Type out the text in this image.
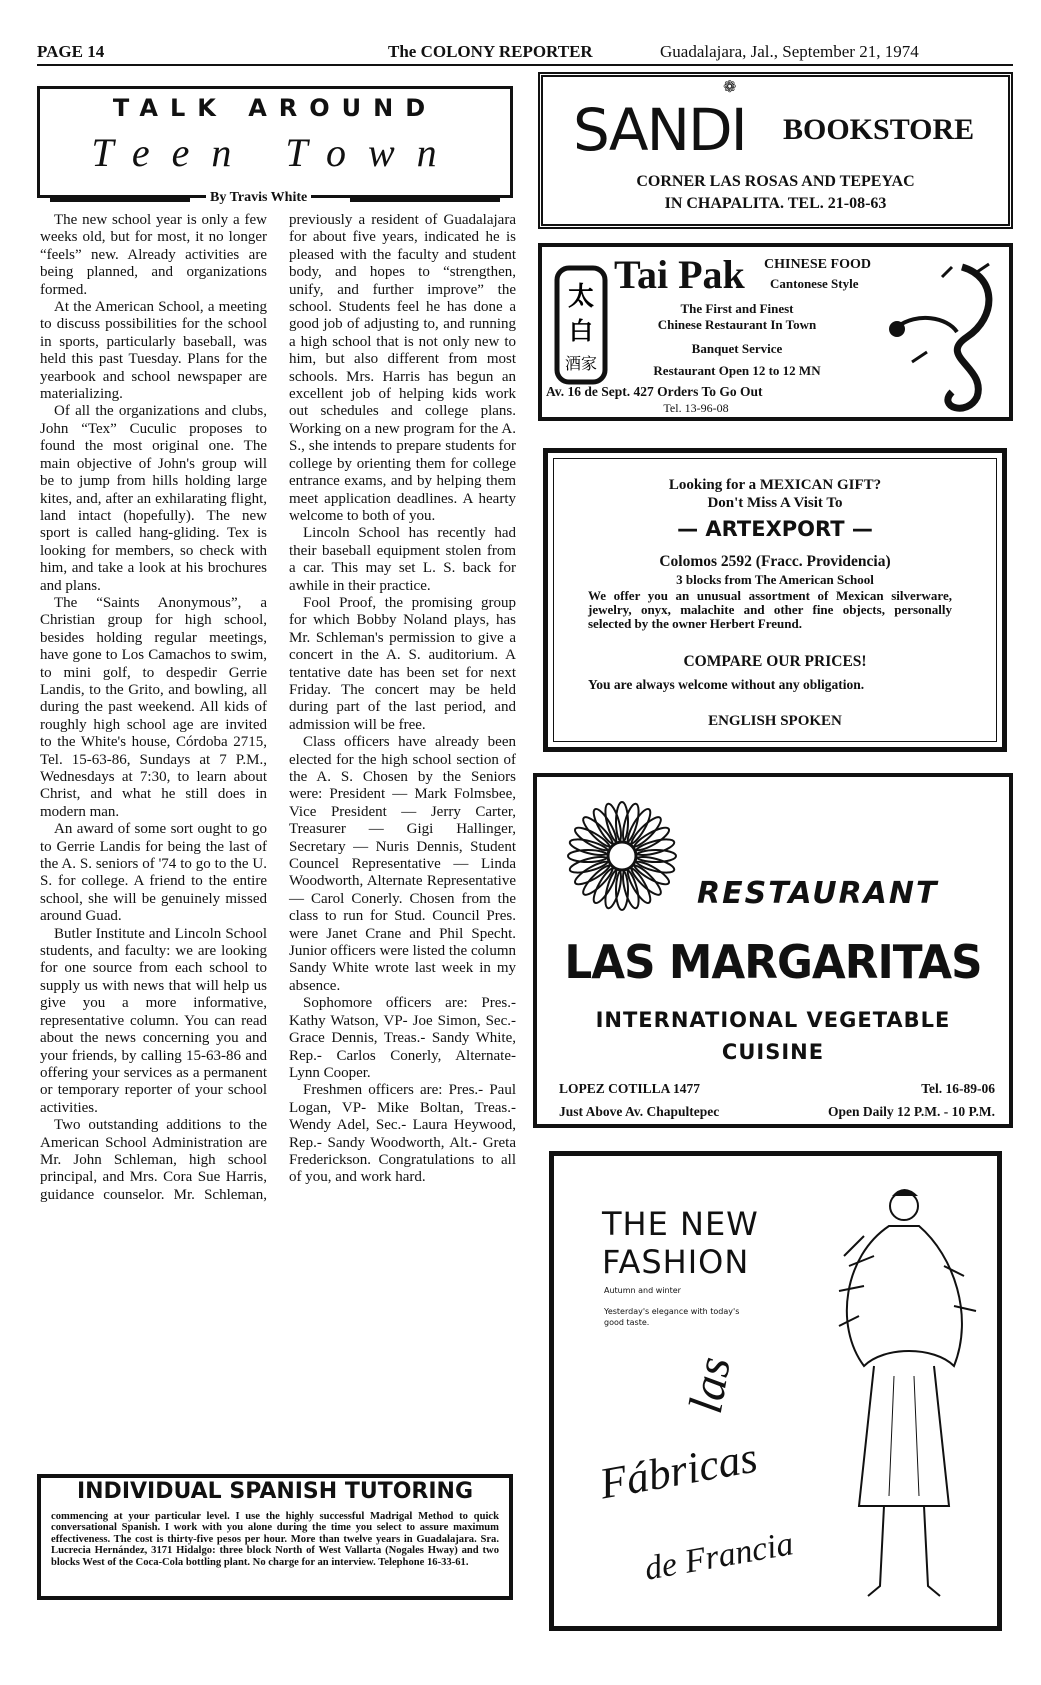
PAGE 14	The COLONY REPORTER	Guadalajara, Jal., September 21, 1974
TALK AROUND
Teen Town
By Travis White

The new school year is only a few weeks old, but for most, it no longer “feels” new. Already activities are being planned, and organizations formed.

At the American School, a meeting to discuss possibilities for the school in sports, particularly baseball, was held this past Tuesday. Plans for the yearbook and school newspaper are materializing.

Of all the organizations and clubs, John “Tex” Cuculic proposes to found the most original one. The main objective of John's group will be to jump from hills holding large kites, and, after an exhilarating flight, land intact (hopefully). The new sport is called hang-gliding. Tex is looking for members, so check with him, and take a look at his brochures and plans.

The “Saints Anonymous”, a Christian group for high school, besides holding regular meetings, have gone to Los Camachos to swim, to mini golf, to despedir Gerrie Landis, to the Grito, and bowling, all during the past weekend. All kids of roughly high school age are invited to the White's house, Córdoba 2715, Tel. 15-63-86, Sundays at 7 P.M., Wednesdays at 7:30, to learn about Christ, and what he still does in modern man.

An award of some sort ought to go to Gerrie Landis for being the last of the A. S. seniors of '74 to go to the U. S. for college. A friend to the entire school, she will be genuinely missed around Guad.

Butler Institute and Lincoln School students, and faculty: we are looking for one source from each school to supply us with news that will help us give you a more informative, representative column. You can read about the news concerning you and your friends, by calling 15-63-86 and offering your services as a permanent or temporary reporter of your school activities.

Two outstanding additions to the American School Administration are Mr. John Schleman, high school principal, and Mrs. Cora Sue Harris, guidance counselor. Mr. Schleman, previously a resident of Guadalajara for about five years, indicated he is pleased with the faculty and student body, and hopes to “strengthen, unify, and further improve” the school. Students feel he has done a good job of adjusting to, and running a high school that is not only new to him, but also different from most schools. Mrs. Harris has begun an excellent job of helping kids work out schedules and college plans. Working on a new program for the A. S., she intends to prepare students for college by orienting them for college entrance exams, and by helping them meet application deadlines. A hearty welcome to both of you.

Lincoln School has recently had their baseball equipment stolen from a car. This may set L. S. back for awhile in their practice.

Fool Proof, the promising group for which Bobby Noland plays, has Mr. Schleman's permission to give a concert in the A. S. auditorium. A tentative date has been set for next Friday. The concert may be held during part of the last period, and admission will be free.

Class officers have already been elected for the high school section of the A. S. Chosen by the Seniors were: President — Mark Folmsbee, Vice President — Jerry Carter, Treasurer — Gigi Hallinger, Secretary — Nuris Dennis, Student Councel Representative — Linda Woodworth, Alternate Representative — Carol Conerly. Chosen from the class to run for Stud. Council Pres. were Janet Crane and Phil Specht. Junior officers were listed the column Sandy White wrote last week in my absence.

Sophomore officers are: Pres.- Kathy Watson, VP- Joe Simon, Sec.- Grace Dennis, Treas.- Sandy White, Rep.- Carlos Conerly, Alternate- Lynn Cooper.

Freshmen officers are: Pres.- Paul Logan, VP- Mike Boltan, Treas.- Wendy Adel, Sec.- Laura Heywood, Rep.- Sandy Woodworth, Alt.- Greta Frederickson. Congratulations to all of you, and work hard.

INDIVIDUAL SPANISH TUTORING
commencing at your particular level. I use the highly successful Madrigal Method to quick conversational Spanish. I work with you alone during the time you select to assure maximum effectiveness. The cost is thirty-five pesos per hour. More than twelve years in Guadalajara. Sra. Lucrecia Hernández, 3171 Hidalgo: three block North of West Vallarta (Nogales Hway) and two blocks West of the Coca-Cola bottling plant. No charge for an interview. Telephone 16-33-61.
SANDI
❁
BOOKSTORE
CORNER LAS ROSAS AND TEPEYAC
IN CHAPALITA. TEL. 21-08-63
太
白
酒家
Tai Pak CHINESE FOOD
Cantonese Style
The First and Finest
Chinese Restaurant In Town
Banquet Service
Restaurant Open 12 to 12 MN
Av. 16 de Sept. 427 Orders To Go Out
Tel. 13-96-08
Looking for a MEXICAN GIFT?
Don't Miss A Visit To
— ARTEXPORT —
Colomos 2592 (Fracc. Providencia)
3 blocks from The American School
We offer you an unusual assortment of Mexican silverware, jewelry, onyx, malachite and other fine objects, personally selected by the owner Herbert Freund.
COMPARE OUR PRICES!
You are always welcome without any obligation.
ENGLISH SPOKEN
RESTAURANT
LAS MARGARITAS
INTERNATIONAL VEGETABLE
CUISINE
LOPEZ COTILLA 1477	Tel. 16-89-06
Just Above Av. Chapultepec	Open Daily 12 P.M. - 10 P.M.
THE NEW
FASHION
Autumn and winter
Yesterday's elegance with today's good taste.
las
Fábricas
de Francia
